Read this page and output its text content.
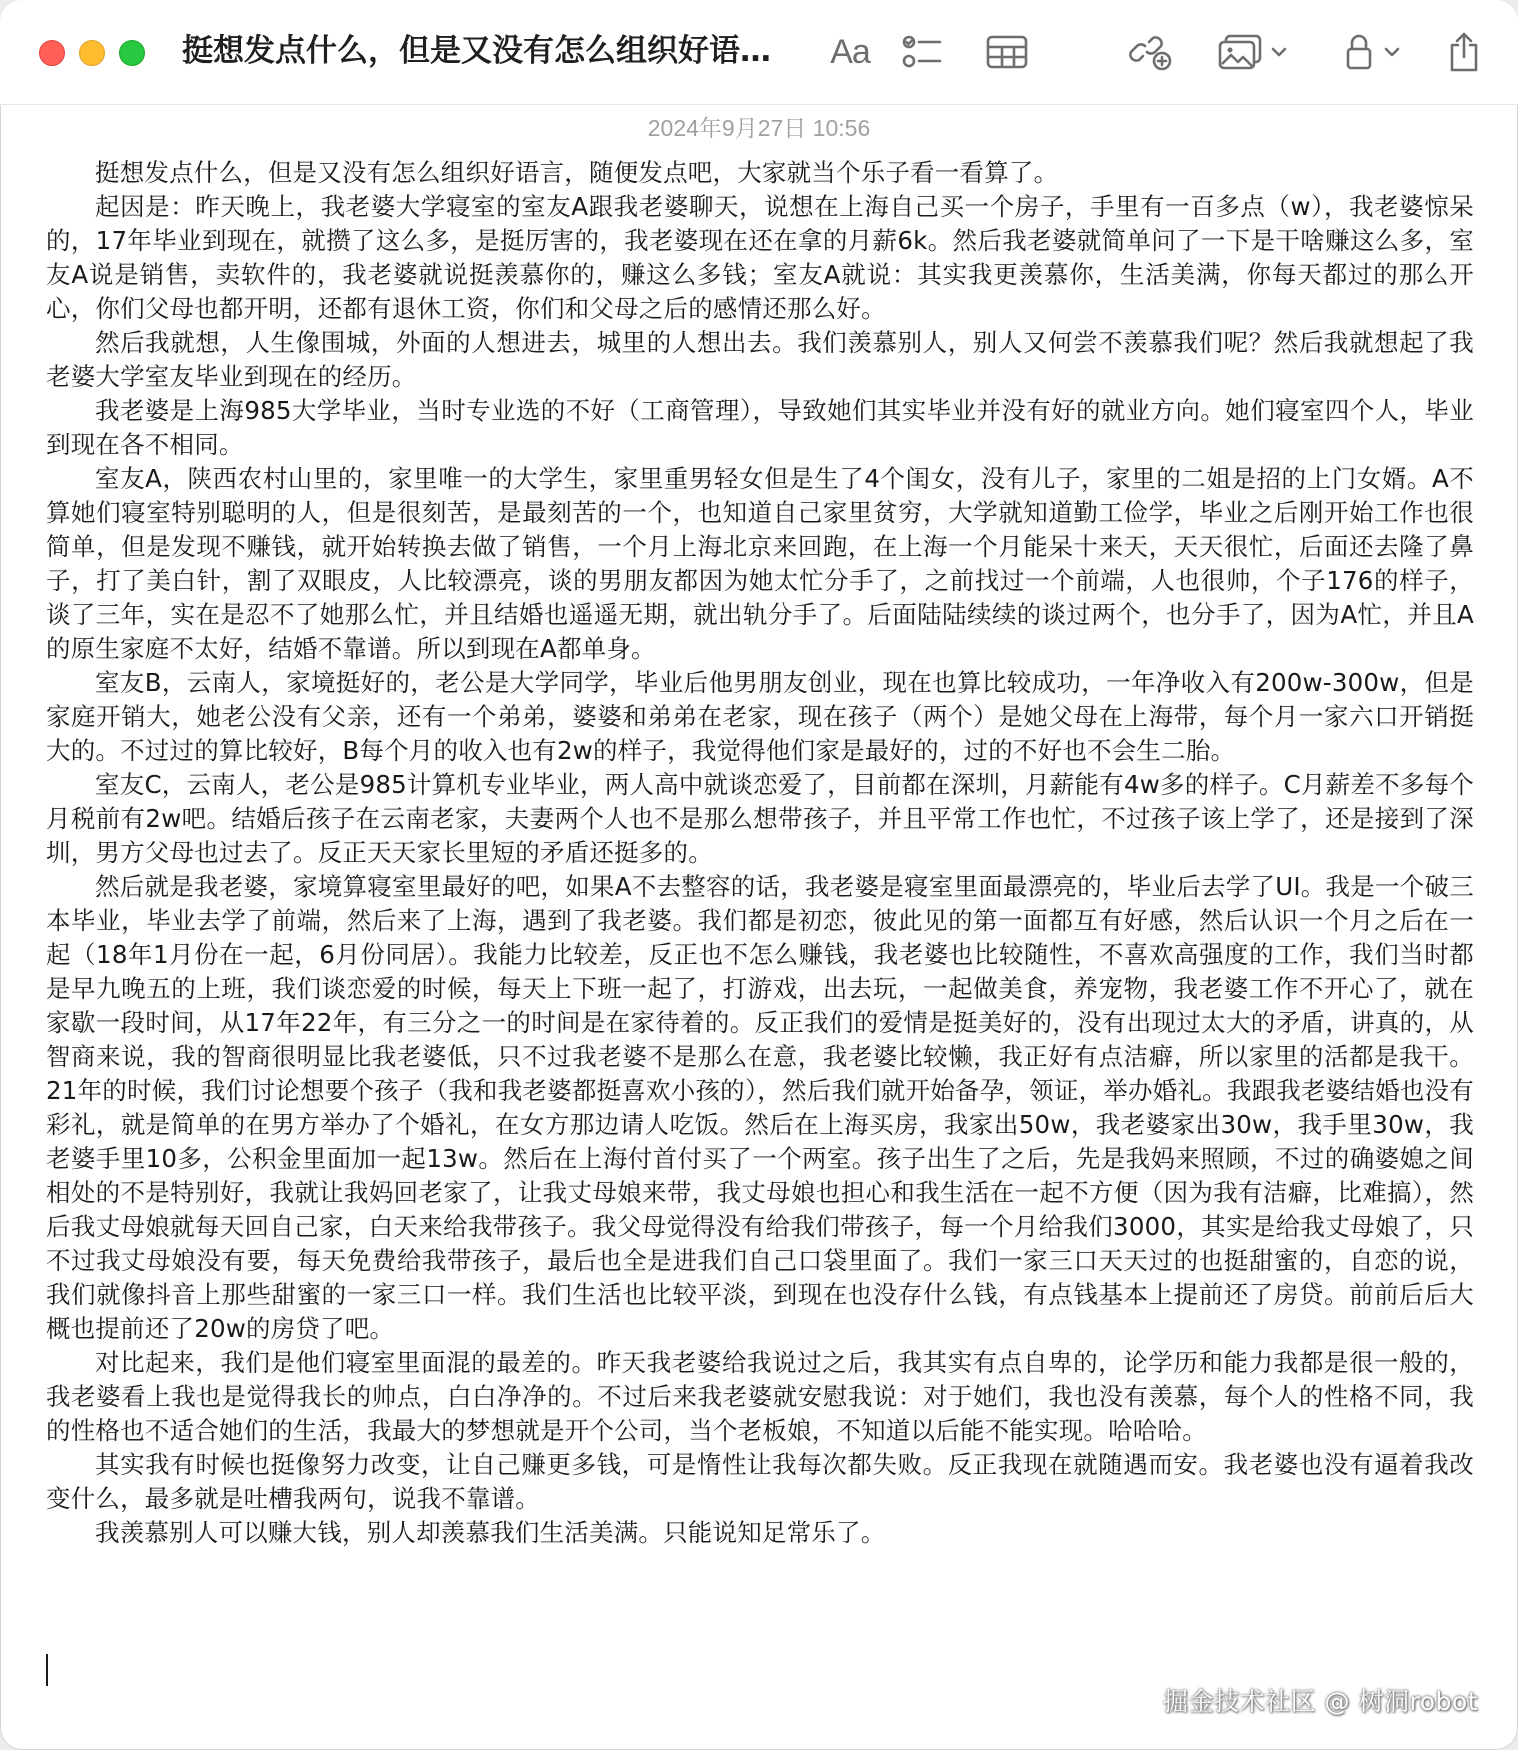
挺想发点什么，但是又没有怎么组织好语…	Aa
2024年9月27日 10:56

挺想发点什么，但是又没有怎么组织好语言，随便发点吧，大家就当个乐子看一看算了。

起因是：昨天晚上，我老婆大学寝室的室友A跟我老婆聊天，说想在上海自己买一个房子，手里有一百多点（w），我老婆惊呆的，17年毕业到现在，就攒了这么多，是挺厉害的，我老婆现在还在拿的月薪6k。然后我老婆就简单问了一下是干啥赚这么多，室友A说是销售，卖软件的，我老婆就说挺羡慕你的，赚这么多钱；室友A就说：其实我更羡慕你，生活美满，你每天都过的那么开心，你们父母也都开明，还都有退休工资，你们和父母之后的感情还那么好。

然后我就想，人生像围城，外面的人想进去，城里的人想出去。我们羡慕别人，别人又何尝不羡慕我们呢？然后我就想起了我老婆大学室友毕业到现在的经历。

我老婆是上海985大学毕业，当时专业选的不好（工商管理），导致她们其实毕业并没有好的就业方向。她们寝室四个人，毕业到现在各不相同。

室友A，陕西农村山里的，家里唯一的大学生，家里重男轻女但是生了4个闺女，没有儿子，家里的二姐是招的上门女婿。A不算她们寝室特别聪明的人，但是很刻苦，是最刻苦的一个，也知道自己家里贫穷，大学就知道勤工俭学，毕业之后刚开始工作也很简单，但是发现不赚钱，就开始转换去做了销售，一个月上海北京来回跑，在上海一个月能呆十来天，天天很忙，后面还去隆了鼻子，打了美白针，割了双眼皮，人比较漂亮，谈的男朋友都因为她太忙分手了，之前找过一个前端，人也很帅，个子176的样子，谈了三年，实在是忍不了她那么忙，并且结婚也遥遥无期，就出轨分手了。后面陆陆续续的谈过两个，也分手了，因为A忙，并且A的原生家庭不太好，结婚不靠谱。所以到现在A都单身。

室友B，云南人，家境挺好的，老公是大学同学，毕业后他男朋友创业，现在也算比较成功，一年净收入有200w-300w，但是家庭开销大，她老公没有父亲，还有一个弟弟，婆婆和弟弟在老家，现在孩子（两个）是她父母在上海带，每个月一家六口开销挺大的。不过过的算比较好，B每个月的收入也有2w的样子，我觉得他们家是最好的，过的不好也不会生二胎。

室友C，云南人，老公是985计算机专业毕业，两人高中就谈恋爱了，目前都在深圳，月薪能有4w多的样子。C月薪差不多每个月税前有2w吧。结婚后孩子在云南老家，夫妻两个人也不是那么想带孩子，并且平常工作也忙，不过孩子该上学了，还是接到了深圳，男方父母也过去了。反正天天家长里短的矛盾还挺多的。

然后就是我老婆，家境算寝室里最好的吧，如果A不去整容的话，我老婆是寝室里面最漂亮的，毕业后去学了UI。我是一个破三本毕业，毕业去学了前端，然后来了上海，遇到了我老婆。我们都是初恋，彼此见的第一面都互有好感，然后认识一个月之后在一起（18年1月份在一起，6月份同居）。我能力比较差，反正也不怎么赚钱，我老婆也比较随性，不喜欢高强度的工作，我们当时都是早九晚五的上班，我们谈恋爱的时候，每天上下班一起了，打游戏，出去玩，一起做美食，养宠物，我老婆工作不开心了，就在家歇一段时间，从17年22年，有三分之一的时间是在家待着的。反正我们的爱情是挺美好的，没有出现过太大的矛盾，讲真的，从智商来说，我的智商很明显比我老婆低，只不过我老婆不是那么在意，我老婆比较懒，我正好有点洁癖，所以家里的活都是我干。21年的时候，我们讨论想要个孩子（我和我老婆都挺喜欢小孩的），然后我们就开始备孕，领证，举办婚礼。我跟我老婆结婚也没有彩礼，就是简单的在男方举办了个婚礼，在女方那边请人吃饭。然后在上海买房，我家出50w，我老婆家出30w，我手里30w，我老婆手里10多，公积金里面加一起13w。然后在上海付首付买了一个两室。孩子出生了之后，先是我妈来照顾，不过的确婆媳之间相处的不是特别好，我就让我妈回老家了，让我丈母娘来带，我丈母娘也担心和我生活在一起不方便（因为我有洁癖，比难搞），然后我丈母娘就每天回自己家，白天来给我带孩子。我父母觉得没有给我们带孩子，每一个月给我们3000，其实是给我丈母娘了，只不过我丈母娘没有要，每天免费给我带孩子，最后也全是进我们自己口袋里面了。我们一家三口天天过的也挺甜蜜的，自恋的说，我们就像抖音上那些甜蜜的一家三口一样。我们生活也比较平淡，到现在也没存什么钱，有点钱基本上提前还了房贷。前前后后大概也提前还了20w的房贷了吧。

对比起来，我们是他们寝室里面混的最差的。昨天我老婆给我说过之后，我其实有点自卑的，论学历和能力我都是很一般的，我老婆看上我也是觉得我长的帅点，白白净净的。不过后来我老婆就安慰我说：对于她们，我也没有羡慕，每个人的性格不同，我的性格也不适合她们的生活，我最大的梦想就是开个公司，当个老板娘，不知道以后能不能实现。哈哈哈。

其实我有时候也挺像努力改变，让自己赚更多钱，可是惰性让我每次都失败。反正我现在就随遇而安。我老婆也没有逼着我改变什么，最多就是吐槽我两句，说我不靠谱。

我羡慕别人可以赚大钱，别人却羡慕我们生活美满。只能说知足常乐了。

掘金技术社区 @ 树洞robot
